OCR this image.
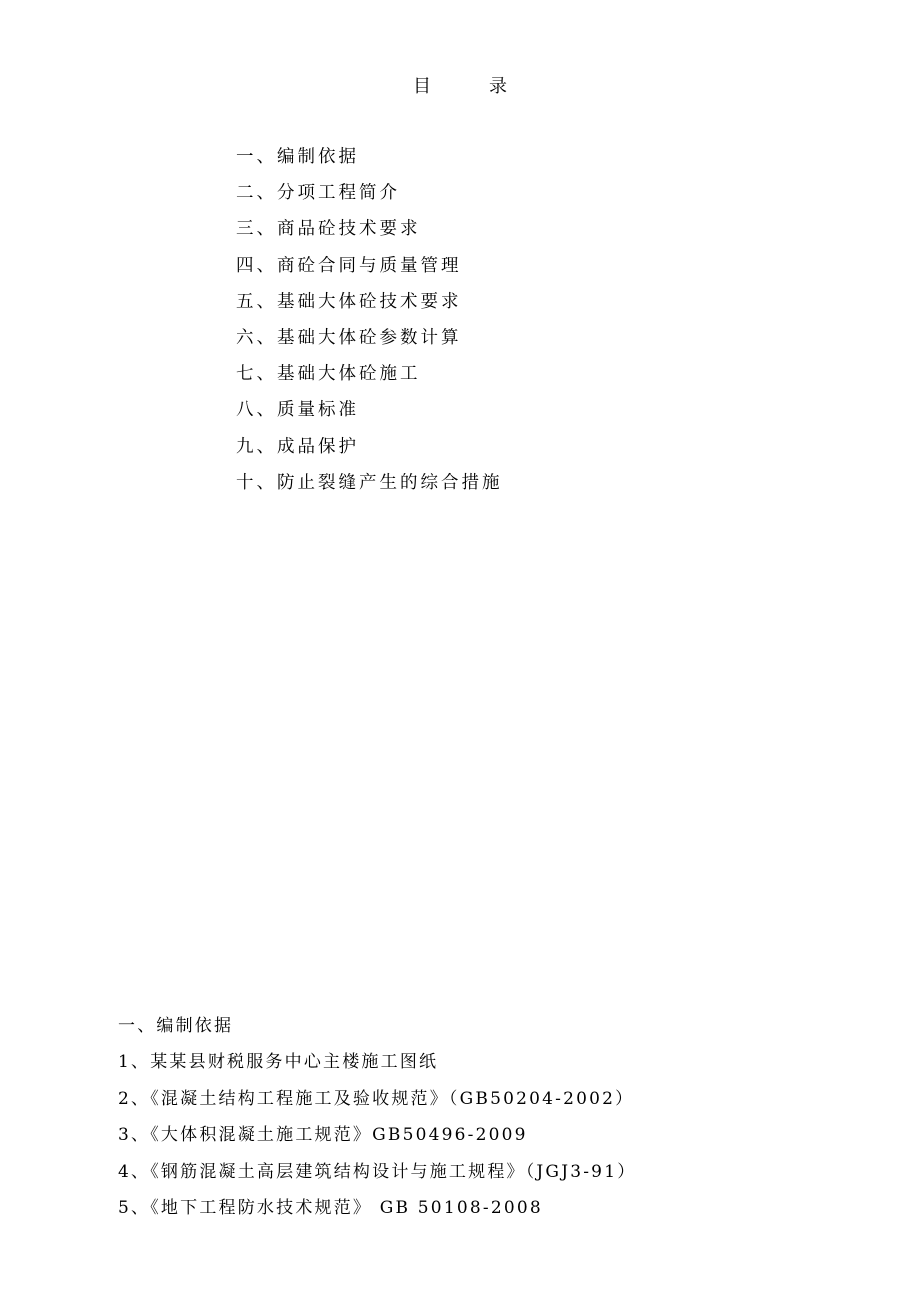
目	录
一、编制依据
二、分项工程简介
三、商品砼技术要求
四、商砼合同与质量管理
五、基础大体砼技术要求
六、基础大体砼参数计算
七、基础大体砼施工
八、质量标准
九、成品保护
十、防止裂缝产生的综合措施
一、编制依据
1、某某县财税服务中心主楼施工图纸
2、《混凝土结构工程施工及验收规范》（GB50204-2002）
3、《大体积混凝土施工规范》GB50496-2009
4、《钢筋混凝土高层建筑结构设计与施工规程》（JGJ3-91）
5、《地下工程防水技术规范》 GB 50108-2008
